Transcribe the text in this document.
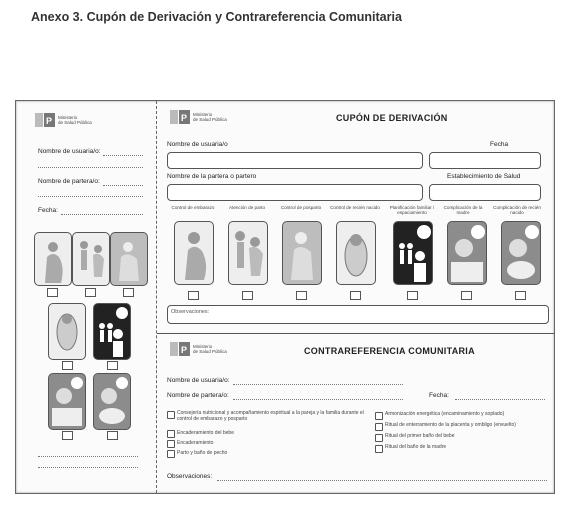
Anexo 3. Cupón de Derivación y Contrareferencia Comunitaria
P Ministerio
de Salud Pública
Nombre de usuaria/o:
Nombre de partera/o:
Fecha:
P Ministerio
de Salud Pública	CUPÓN DE DERIVACIÓN
Nombre de usuaria/o	Fecha
Nombre de la partera o partero	Establecimiento de Salud
Control de embarazo	Atención de parto	Control de posparto	Control de recién nacido	Planificación familiar / espaciamiento
Complicación de la madre
Complicación de recién nacido
Observaciones:
P Ministerio
de Salud Pública	CONTRAREFERENCIA COMUNITARIA
Nombre de usuaria/o:
Nombre de partera/o:	Fecha:
Consejería nutricional y acompañamiento espiritual a la pareja y la familia durante el control de embarazo y posparto
Encaderamiento del bebe
Encaderamiento
Parto y baño de pecho
Armonización energética (encaminamiento y soplado)
Ritual de enterramiento de la placenta y ombligo (envuelto)
Ritual del primer baño del bebe
Ritual del baño de la madre
Observaciones:
